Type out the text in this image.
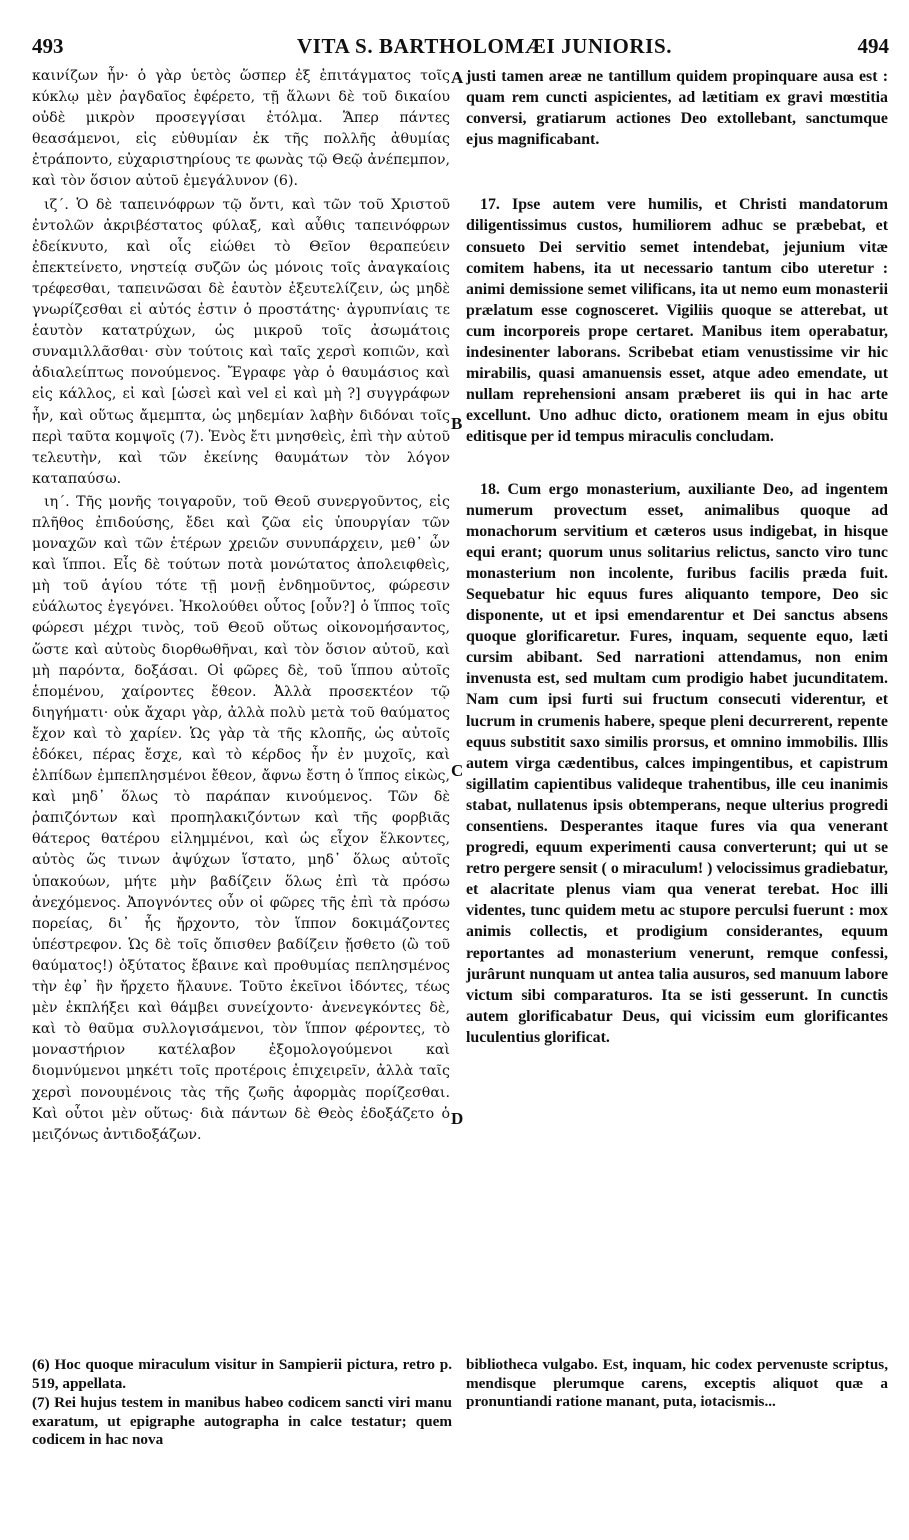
493	VITA S. BARTHOLOMÆI JUNIORIS.	494

καινίζων ἦν· ὁ γὰρ ὑετὸς ὥσπερ ἐξ ἐπιτάγματος τοῖς κύκλῳ μὲν ῥαγδαῖος ἐφέρετο, τῇ ἅλωνι δὲ τοῦ δικαίου οὐδὲ μικρὸν προσεγγίσαι ἐτόλμα. Ἅπερ πάντες θεασάμενοι, εἰς εὐθυμίαν ἐκ τῆς πολλῆς ἀθυμίας ἐτράποντο, εὐχαριστηρίους τε φωνὰς τῷ Θεῷ ἀνέπεμπον, καὶ τὸν ὅσιον αὐτοῦ ἐμεγάλυνον (6).

ιζ΄. Ὁ δὲ ταπεινόφρων τῷ ὄντι, καὶ τῶν τοῦ Χριστοῦ ἐντολῶν ἀκριβέστατος φύλαξ, καὶ αὖθις ταπεινόφρων ἐδείκνυτο, καὶ οἷς εἰώθει τὸ Θεῖον θεραπεύειν ἐπεκτείνετο, νηστείᾳ συζῶν ὡς μόνοις τοῖς ἀναγκαίοις τρέφεσθαι, ταπεινῶσαι δὲ ἑαυτὸν ἐξευτελίζειν, ὡς μηδὲ γνωρίζεσθαι εἰ αὐτός ἐστιν ὁ προστάτης· ἀγρυπνίαις τε ἑαυτὸν κατατρύχων, ὡς μικροῦ τοῖς ἀσωμάτοις συναμιλλᾶσθαι· σὺν τούτοις καὶ ταῖς χερσὶ κοπιῶν, καὶ ἀδιαλείπτως πονούμενος. Ἔγραφε γὰρ ὁ θαυμάσιος καὶ εἰς κάλλος, εἰ καὶ [ὡσεὶ καὶ vel εἰ καὶ μὴ ?] συγγράφων ἦν, καὶ οὕτως ἄμεμπτα, ὡς μηδεμίαν λαβὴν διδόναι τοῖς περὶ ταῦτα κομψοῖς (7). Ἑνὸς ἔτι μνησθεὶς, ἐπὶ τὴν αὐτοῦ τελευτὴν, καὶ τῶν ἐκείνης θαυμάτων τὸν λόγον καταπαύσω.

ιη΄. Τῆς μονῆς τοιγαροῦν, τοῦ Θεοῦ συνεργοῦντος, εἰς πλῆθος ἐπιδούσης, ἔδει καὶ ζῶα εἰς ὑπουργίαν τῶν μοναχῶν καὶ τῶν ἑτέρων χρειῶν συνυπάρχειν, μεθ᾽ ὧν καὶ ἵπποι. Εἷς δὲ τούτων ποτὰ μονώτατος ἀπολειφθεὶς, μὴ τοῦ ἁγίου τότε τῇ μονῇ ἐνδημοῦντος, φώρεσιν εὐάλωτος ἐγεγόνει. Ἠκολούθει οὗτος [οὖν?] ὁ ἵππος τοῖς φώρεσι μέχρι τινὸς, τοῦ Θεοῦ οὕτως οἰκονομήσαντος, ὥστε καὶ αὐτοὺς διορθωθῆναι, καὶ τὸν ὅσιον αὐτοῦ, καὶ μὴ παρόντα, δοξάσαι. Οἱ φῶρες δὲ, τοῦ ἵππου αὐτοῖς ἑπομένου, χαίροντες ἔθεον. Ἀλλὰ προσεκτέον τῷ διηγήματι· οὐκ ἄχαρι γὰρ, ἀλλὰ πολὺ μετὰ τοῦ θαύματος ἔχον καὶ τὸ χαρίεν. Ὡς γὰρ τὰ τῆς κλοπῆς, ὡς αὐτοῖς ἐδόκει, πέρας ἔσχε, καὶ τὸ κέρδος ἦν ἐν μυχοῖς, καὶ ἐλπίδων ἐμπεπλησμένοι ἔθεον, ἄφνω ἔστη ὁ ἵππος εἰκὼς, καὶ μηδ᾽ ὅλως τὸ παράπαν κινούμενος. Τῶν δὲ ῥαπιζόντων καὶ προπηλακιζόντων καὶ τῆς φορβιᾶς θάτερος θατέρου εἰλημμένοι, καὶ ὡς εἶχον ἕλκοντες, αὐτὸς ὥς τινων ἀψύχων ἵστατο, μηδ᾽ ὅλως αὐτοῖς ὑπακούων, μήτε μὴν βαδίζειν ὅλως ἐπὶ τὰ πρόσω ἀνεχόμενος. Ἀπογνόντες οὖν οἱ φῶρες τῆς ἐπὶ τὰ πρόσω πορείας, δι᾽ ἧς ἤρχοντο, τὸν ἵππον δοκιμάζοντες ὑπέστρεφον. Ὡς δὲ τοῖς ὄπισθεν βαδίζειν ᾔσθετο (ὢ τοῦ θαύματος!) ὀξύτατος ἔβαινε καὶ προθυμίας πεπλησμένος τὴν ἐφ᾽ ἣν ἤρχετο ἤλαυνε. Τοῦτο ἐκεῖνοι ἰδόντες, τέως μὲν ἐκπλήξει καὶ θάμβει συνείχοντο· ἀνενεγκόντες δὲ, καὶ τὸ θαῦμα συλλογισάμενοι, τὸν ἵππον φέροντες, τὸ μοναστήριον κατέλαβον ἐξομολογούμενοι καὶ διομνύμενοι μηκέτι τοῖς προτέροις ἐπιχειρεῖν, ἀλλὰ ταῖς χερσὶ πονουμένοις τὰς τῆς ζωῆς ἀφορμὰς πορίζεσθαι. Καὶ οὗτοι μὲν οὕτως· διὰ πάντων δὲ Θεὸς ἐδοξάζετο ὁ μειζόνως ἀντιδοξάζων.

A
B
C
D

justi tamen areæ ne tantillum quidem propinquare ausa est : quam rem cuncti aspicientes, ad lætitiam ex gravi mœstitia conversi, gratiarum actiones Deo extollebant, sanctumque ejus magnificabant.

17. Ipse autem vere humilis, et Christi mandatorum diligentissimus custos, humiliorem adhuc se præbebat, et consueto Dei servitio semet intendebat, jejunium vitæ comitem habens, ita ut necessario tantum cibo uteretur : animi demissione semet vilificans, ita ut nemo eum monasterii prælatum esse cognosceret. Vigiliis quoque se atterebat, ut cum incorporeis prope certaret. Manibus item operabatur, indesinenter laborans. Scribebat etiam venustissime vir hic mirabilis, quasi amanuensis esset, atque adeo emendate, ut nullam reprehensioni ansam præberet iis qui in hac arte excellunt. Uno adhuc dicto, orationem meam in ejus obitu editisque per id tempus miraculis concludam.

18. Cum ergo monasterium, auxiliante Deo, ad ingentem numerum provectum esset, animalibus quoque ad monachorum servitium et cæteros usus indigebat, in hisque equi erant; quorum unus solitarius relictus, sancto viro tunc monasterium non incolente, furibus facilis præda fuit. Sequebatur hic equus fures aliquanto tempore, Deo sic disponente, ut et ipsi emendarentur et Dei sanctus absens quoque glorificaretur. Fures, inquam, sequente equo, læti cursim abibant. Sed narrationi attendamus, non enim invenusta est, sed multam cum prodigio habet jucunditatem. Nam cum ipsi furti sui fructum consecuti viderentur, et lucrum in crumenis habere, speque pleni decurrerent, repente equus substitit saxo similis prorsus, et omnino immobilis. Illis autem virga cædentibus, calces impingentibus, et capistrum sigillatim capientibus validеque trahentibus, ille ceu inanimis stabat, nullatenus ipsis obtemperans, neque ulterius progredi consentiens. Desperantes itaque fures via qua venerant progredi, equum experimenti causa converterunt; qui ut se retro pergere sensit ( o miraculum! ) velocissimus gradiebatur, et alacritate plenus viam qua venerat terebat. Hoc illi videntes, tunc quidem metu ac stupore perculsi fuerunt : mox animis collectis, et prodigium considerantes, equum reportantes ad monasterium venerunt, remque confessi, jurârunt nunquam ut antea talia ausuros, sed manuum labore victum sibi comparaturos. Ita se isti gesserunt. In cunctis autem glorificabatur Deus, qui vicissim eum glorificantes luculentius glorificat.

(6) Hoc quoque miraculum visitur in Sampierii pictura, retro p. 519, appellata.

(7) Rei hujus testem in manibus habeo codicem sancti viri manu exaratum, ut epigraphe autographa in calce testatur; quem codicem in hac nova

bibliotheca vulgabo. Est, inquam, hic codex pervenuste scriptus, mendisque plerumque carens, exceptis aliquot quæ a pronuntiandi ratione manant, puta, iotacismis...
